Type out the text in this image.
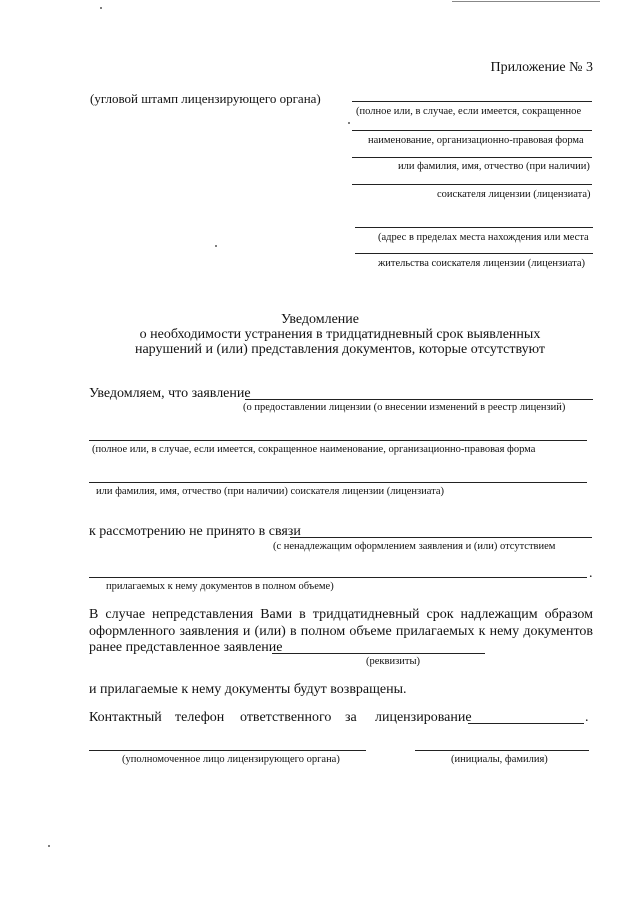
Приложение № 3
(угловой штамп лицензирующего органа)
(полное или, в случае, если имеется, сокращенное
наименование, организационно-правовая форма
или фамилия, имя, отчество (при наличии)
соискателя лицензии (лицензиата)
(адрес в пределах места нахождения или места
жительства соискателя лицензии (лицензиата)
Уведомление
о необходимости устранения в тридцатидневный срок выявленных
нарушений и (или) представления документов, которые отсутствуют
Уведомляем, что заявление
(о предоставлении лицензии (о внесении изменений в реестр лицензий)
(полное или, в случае, если имеется, сокращенное наименование, организационно-правовая форма
или фамилия, имя, отчество (при наличии) соискателя лицензии (лицензиата)
к рассмотрению не принято в связи
(с ненадлежащим оформлением заявления и (или) отсутствием
.
прилагаемых к нему документов в полном объеме)
В случае непредставления Вами в тридцатидневный срок надлежащим образом
оформленного заявления и (или) в полном объеме прилагаемых к нему документов
ранее представленное заявление
(реквизиты)
и прилагаемые к нему документы будут возвращены.
Контактный телефон ответственного за лицензирование	.
(уполномоченное лицо лицензирующего органа)	(инициалы, фамилия)
